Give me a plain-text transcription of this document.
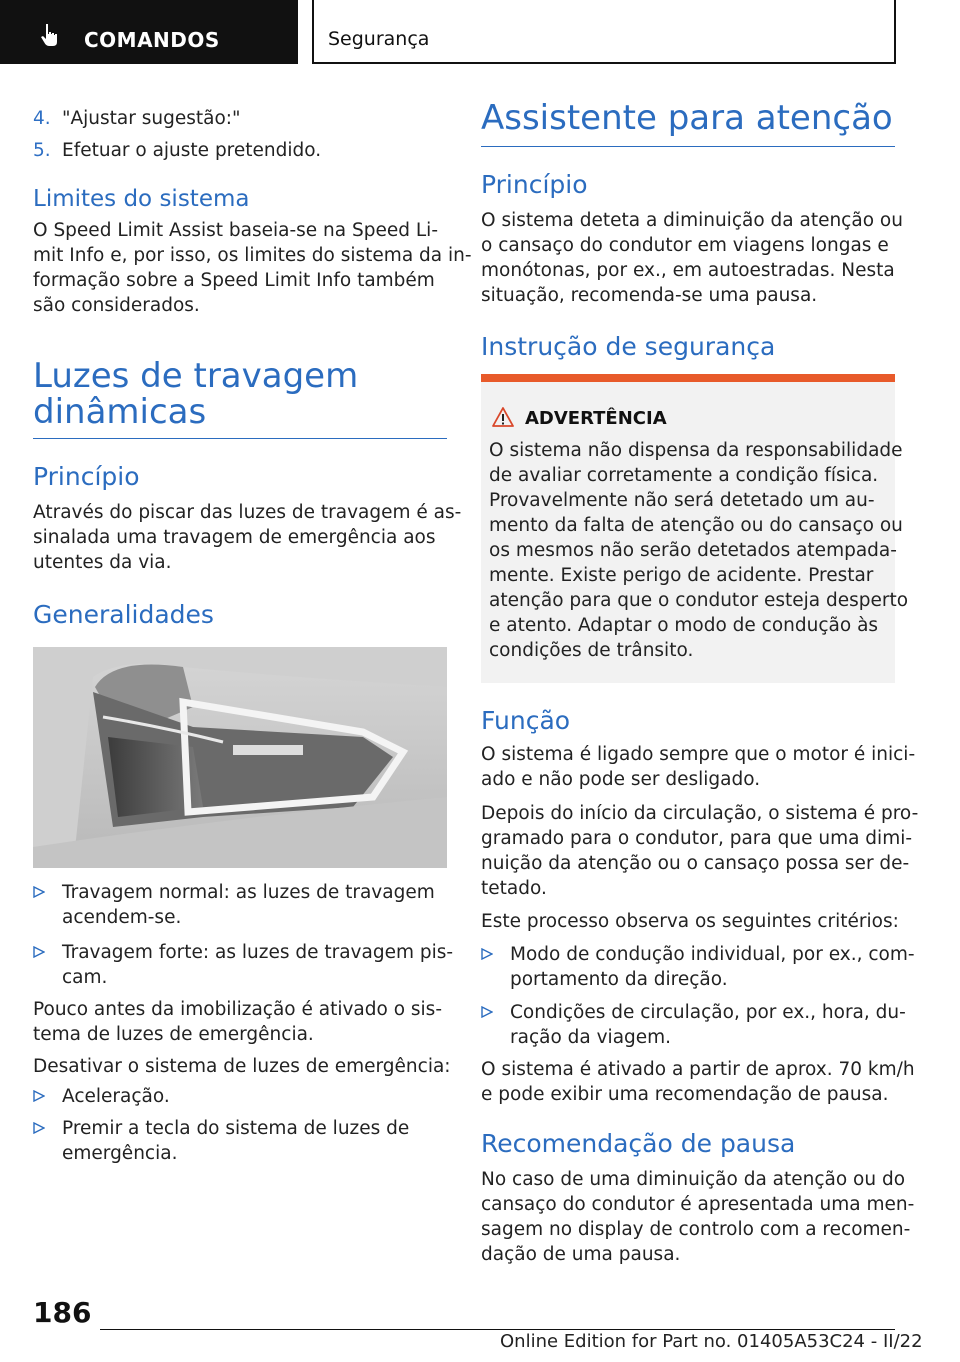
COMANDOS	Segurança
4. "Ajustar sugestão:"
5. Efetuar o ajuste pretendido.
Limites do sistema
O Speed Limit Assist baseia-se na Speed Li-
mit Info e, por isso, os limites do sistema da in-
formação sobre a Speed Limit Info também
são considerados.
Luzes de travagem
dinâmicas
Princípio
Através do piscar das luzes de travagem é as-
sinalada uma travagem de emergência aos
utentes da via.
Generalidades
Travagem normal: as luzes de travagem
acendem-se.
Travagem forte: as luzes de travagem pis-
cam.
Pouco antes da imobilização é ativado o sis-
tema de luzes de emergência.
Desativar o sistema de luzes de emergência:
Aceleração.
Premir a tecla do sistema de luzes de
emergência.
Assistente para atenção
Princípio
O sistema deteta a diminuição da atenção ou
o cansaço do condutor em viagens longas e
monótonas, por ex., em autoestradas. Nesta
situação, recomenda-se uma pausa.
Instrução de segurança
ADVERTÊNCIA
O sistema não dispensa da responsabilidade
de avaliar corretamente a condição física.
Provavelmente não será detetado um au-
mento da falta de atenção ou do cansaço ou
os mesmos não serão detetados atempada-
mente. Existe perigo de acidente. Prestar
atenção para que o condutor esteja desperto
e atento. Adaptar o modo de condução às
condições de trânsito.
Função
O sistema é ligado sempre que o motor é inici-
ado e não pode ser desligado.
Depois do início da circulação, o sistema é pro-
gramado para o condutor, para que uma dimi-
nuição da atenção ou o cansaço possa ser de-
tetado.
Este processo observa os seguintes critérios:
Modo de condução individual, por ex., com-
portamento da direção.
Condições de circulação, por ex., hora, du-
ração da viagem.
O sistema é ativado a partir de aprox. 70 km/h
e pode exibir uma recomendação de pausa.
Recomendação de pausa
No caso de uma diminuição da atenção ou do
cansaço do condutor é apresentada uma men-
sagem no display de controlo com a recomen-
dação de uma pausa.
186
Online Edition for Part no. 01405A53C24 - II/22
